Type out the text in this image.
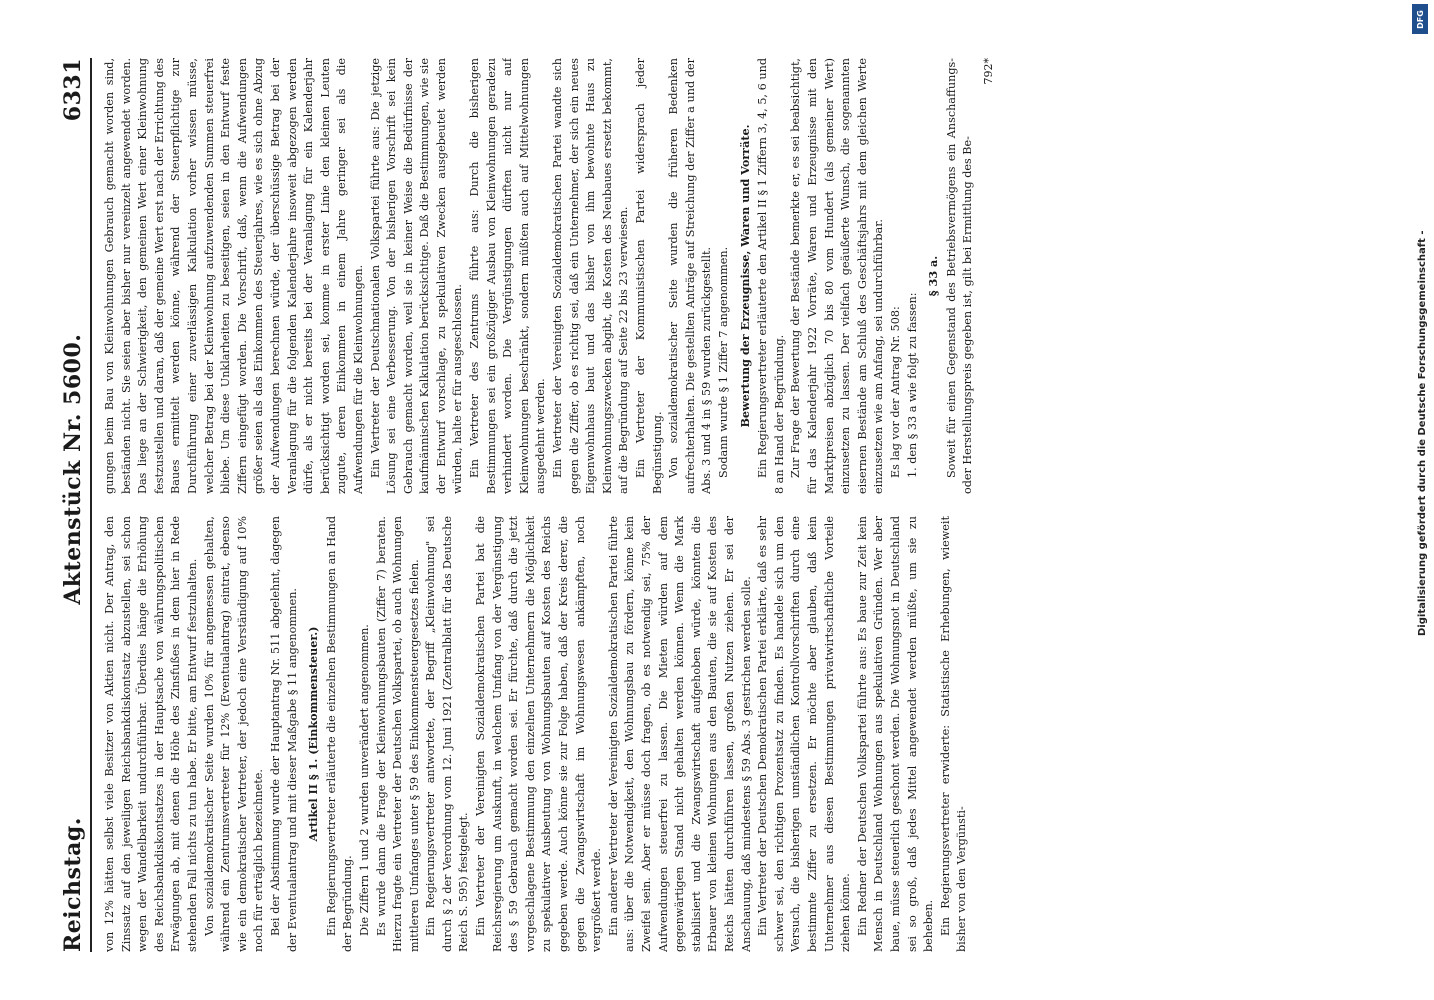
Reichstag.
Aktenstück Nr. 5600.
6331

von 12% hätten selbst viele Besitzer von Aktien nicht. Der Antrag, den Zinssatz auf den jeweiligen Reichsbankdiskontsatz abzustellen, sei schon wegen der Wandelbarkeit undurchführbar. Überdies hänge die Erhöhung des Reichsbankdiskontsatzes in der Hauptsache von währungspolitischen Erwägungen ab, mit denen die Höhe des Zinsfußes in dem hier in Rede stehenden Fall nichts zu tun habe. Er bitte, am Entwurf festzuhalten. Von sozialdemokratischer Seite wurden 10% für angemessen gehalten, während ein Zentrumsvertreter für 12% (Eventualantrag) eintrat, ebenso wie ein demokratischer Vertreter, der jedoch eine Verständigung auf 10% noch für erträglich bezeichnete. Bei der Abstimmung wurde der Hauptantrag Nr. 511 abgelehnt, dagegen der Eventualantrag und mit dieser Maßgabe § 11 angenommen. Artikel II § 1. (Einkommensteuer.) Ein Regierungsvertreter erläuterte die einzelnen Bestimmungen an Hand der Begründung. Die Ziffern 1 und 2 wurden unverändert angenommen. Es wurde dann die Frage der Kleinwohnungsbauten (Ziffer 7) beraten. Hierzu fragte ein Vertreter der Deutschen Volkspartei, ob auch Wohnungen mittleren Umfanges unter § 59 des Einkommensteuergesetzes fielen. Ein Regierungsvertreter antwortete, der Begriff „Kleinwohnung" sei durch § 2 der Verordnung vom 12. Juni 1921 (Zentralblatt für das Deutsche Reich S. 595) festgelegt. Ein Vertreter der Vereinigten Sozialdemokratischen Partei bat die Reichsregierung um Auskunft, in welchem Umfang von der Vergünstigung des § 59 Gebrauch gemacht worden sei. Er fürchte, daß durch die jetzt vorgeschlagene Bestimmung den einzelnen Unternehmern die Möglichkeit zu spekulativer Ausbeutung von Wohnungsbauten auf Kosten des Reichs gegeben werde. Auch könne sie zur Folge haben, daß der Kreis derer, die gegen die Zwangswirtschaft im Wohnungswesen ankämpften, noch vergrößert werde. Ein anderer Vertreter der Vereinigten Sozialdemokratischen Partei führte aus: über die Notwendigkeit, den Wohnungsbau zu fördern, könne kein Zweifel sein. Aber er müsse doch fragen, ob es notwendig sei, 75% der Aufwendungen steuerfrei zu lassen. Die Mieten würden auf dem gegenwärtigen Stand nicht gehalten werden können. Wenn die Mark stabilisiert und die Zwangswirtschaft aufgehoben würde, könnten die Erbauer von kleinen Wohnungen aus den Bauten, die sie auf Kosten des Reichs hätten durchführen lassen, großen Nutzen ziehen. Er sei der Anschauung, daß mindestens § 59 Abs. 3 gestrichen werden solle. Ein Vertreter der Deutschen Demokratischen Partei erklärte, daß es sehr schwer sei, den richtigen Prozentsatz zu finden. Es handele sich um den Versuch, die bisherigen umständlichen Kontrollvorschriften durch eine bestimmte Ziffer zu ersetzen. Er möchte aber glauben, daß kein Unternehmer aus diesen Bestimmungen privatwirtschaftliche Vorteile ziehen könne. Ein Redner der Deutschen Volkspartei führte aus: Es baue zur Zeit kein Mensch in Deutschland Wohnungen aus spekulativen Gründen. Wer aber baue, müsse steuerlich geschont werden. Die Wohnungsnot in Deutschland sei so groß, daß jedes Mittel angewendet werden müßte, um sie zu beheben. Ein Regierungsvertreter erwiderte: Statistische Erhebungen, wieweit bisher von den Vergünsti-

gungen beim Bau von Kleinwohnungen Gebrauch gemacht worden sind, beständen nicht. Sie seien aber bisher nur vereinzelt angewendet worden. Das liege an der Schwierigkeit, den gemeinen Wert einer Kleinwohnung festzustellen und daran, daß der gemeine Wert erst nach der Errichtung des Baues ermittelt werden könne, während der Steuerpflichtige zur Durchführung einer zuverlässigen Kalkulation vorher wissen müsse, welcher Betrag bei der Kleinwohnung aufzuwendenden Summen steuerfrei bliebe. Um diese Unklarheiten zu beseitigen, seien in den Entwurf feste Ziffern eingefügt worden. Die Vorschrift, daß, wenn die Aufwendungen größer seien als das Einkommen des Steuerjahres, wie es sich ohne Abzug der Aufwendungen berechnen würde, der überschüssige Betrag bei der Veranlagung für die folgenden Kalenderjahre insoweit abgezogen werden dürfe, als er nicht bereits bei der Veranlagung für ein Kalenderjahr berücksichtigt worden sei, komme in erster Linie den kleinen Leuten zugute, deren Einkommen in einem Jahre geringer sei als die Aufwendungen für die Kleinwohnungen. Ein Vertreter der Deutschnationalen Volkspartei führte aus: Die jetzige Lösung sei eine Verbesserung. Von der bisherigen Vorschrift sei kein Gebrauch gemacht worden, weil sie in keiner Weise die Bedürfnisse der kaufmännischen Kalkulation berücksichtige. Daß die Bestimmungen, wie sie der Entwurf vorschlage, zu spekulativen Zwecken ausgebeutet werden würden, halte er für ausgeschlossen. Ein Vertreter des Zentrums führte aus: Durch die bisherigen Bestimmungen sei ein großzügiger Ausbau von Kleinwohnungen geradezu verhindert worden. Die Vergünstigungen dürften nicht nur auf Kleinwohnungen beschränkt, sondern müßten auch auf Mittelwohnungen ausgedehnt werden. Ein Vertreter der Vereinigten Sozialdemokratischen Partei wandte sich gegen die Ziffer, ob es richtig sei, daß ein Unternehmer, der sich ein neues Eigenwohnhaus baut und das bisher von ihm bewohnte Haus zu Kleinwohnungszwecken abgibt, die Kosten des Neubaues ersetzt bekommt, auf die Begründung auf Seite 22 bis 23 verwiesen. Ein Vertreter der Kommunistischen Partei widersprach jeder Begünstigung. Von sozialdemokratischer Seite wurden die früheren Bedenken aufrechterhalten. Die gestellten Anträge auf Streichung der Ziffer a und der Abs. 3 und 4 in § 59 wurden zurückgestellt. Sodann wurde § 1 Ziffer 7 angenommen. Bewertung der Erzeugnisse, Waren und Vorräte. Ein Regierungsvertreter erläuterte den Artikel II § 1 Ziffern 3, 4, 5, 6 und 8 an Hand der Begründung. Zur Frage der Bewertung der Bestände bemerkte er, es sei beabsichtigt, für das Kalenderjahr 1922 Vorräte, Waren und Erzeugnisse mit den Marktpreisen abzüglich 70 bis 80 vom Hundert (als gemeiner Wert) einzusetzen zu lassen. Der vielfach geäußerte Wunsch, die sogenannten eisernen Bestände am Schluß des Geschäftsjahrs mit dem gleichen Werte einzusetzen wie am Anfang, sei undurchführbar. Es lag vor der Antrag Nr. 508: 1. den § 33 a wie folgt zu fassen:

§ 33 a. Soweit für einen Gegenstand des Betriebsvermögens ein Anschaffungs- oder Herstellungspreis gegeben ist, gilt bei Ermittlung des Be-

792*

DFG
Digitalisierung gefördert durch die Deutsche Forschungsgemeinschaft -
